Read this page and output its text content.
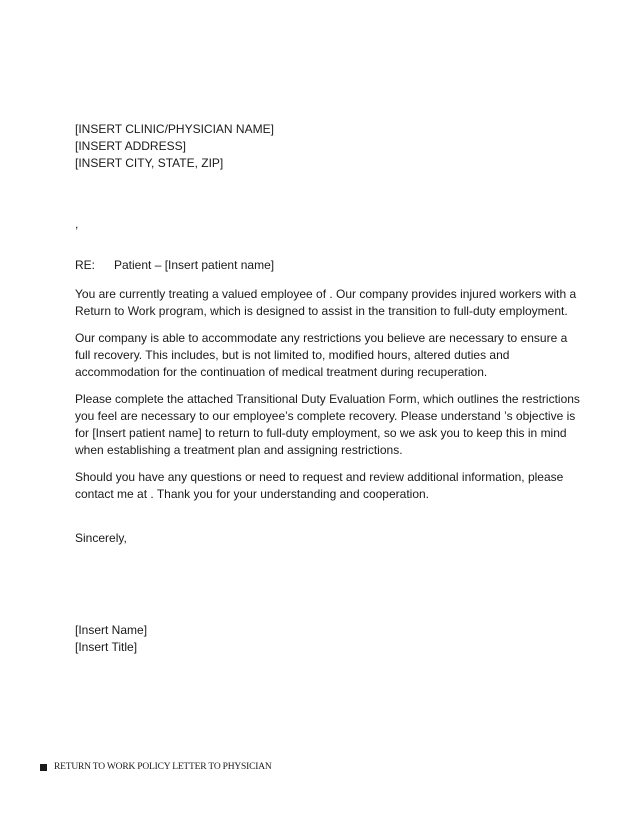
[INSERT CLINIC/PHYSICIAN NAME]
[INSERT ADDRESS]
[INSERT CITY, STATE, ZIP]
,
RE: Patient – [Insert patient name]
You are currently treating a valued employee of . Our company provides injured workers with a
Return to Work program, which is designed to assist in the transition to full-duty employment.
Our company is able to accommodate any restrictions you believe are necessary to ensure a
full recovery. This includes, but is not limited to, modified hours, altered duties and
accommodation for the continuation of medical treatment during recuperation.
Please complete the attached Transitional Duty Evaluation Form, which outlines the restrictions
you feel are necessary to our employee’s complete recovery. Please understand ’s objective is
for [Insert patient name] to return to full-duty employment, so we ask you to keep this in mind
when establishing a treatment plan and assigning restrictions.
Should you have any questions or need to request and review additional information, please
contact me at . Thank you for your understanding and cooperation.
Sincerely,
[Insert Name]
[Insert Title]
RETURN TO WORK POLICY LETTER TO PHYSICIAN
